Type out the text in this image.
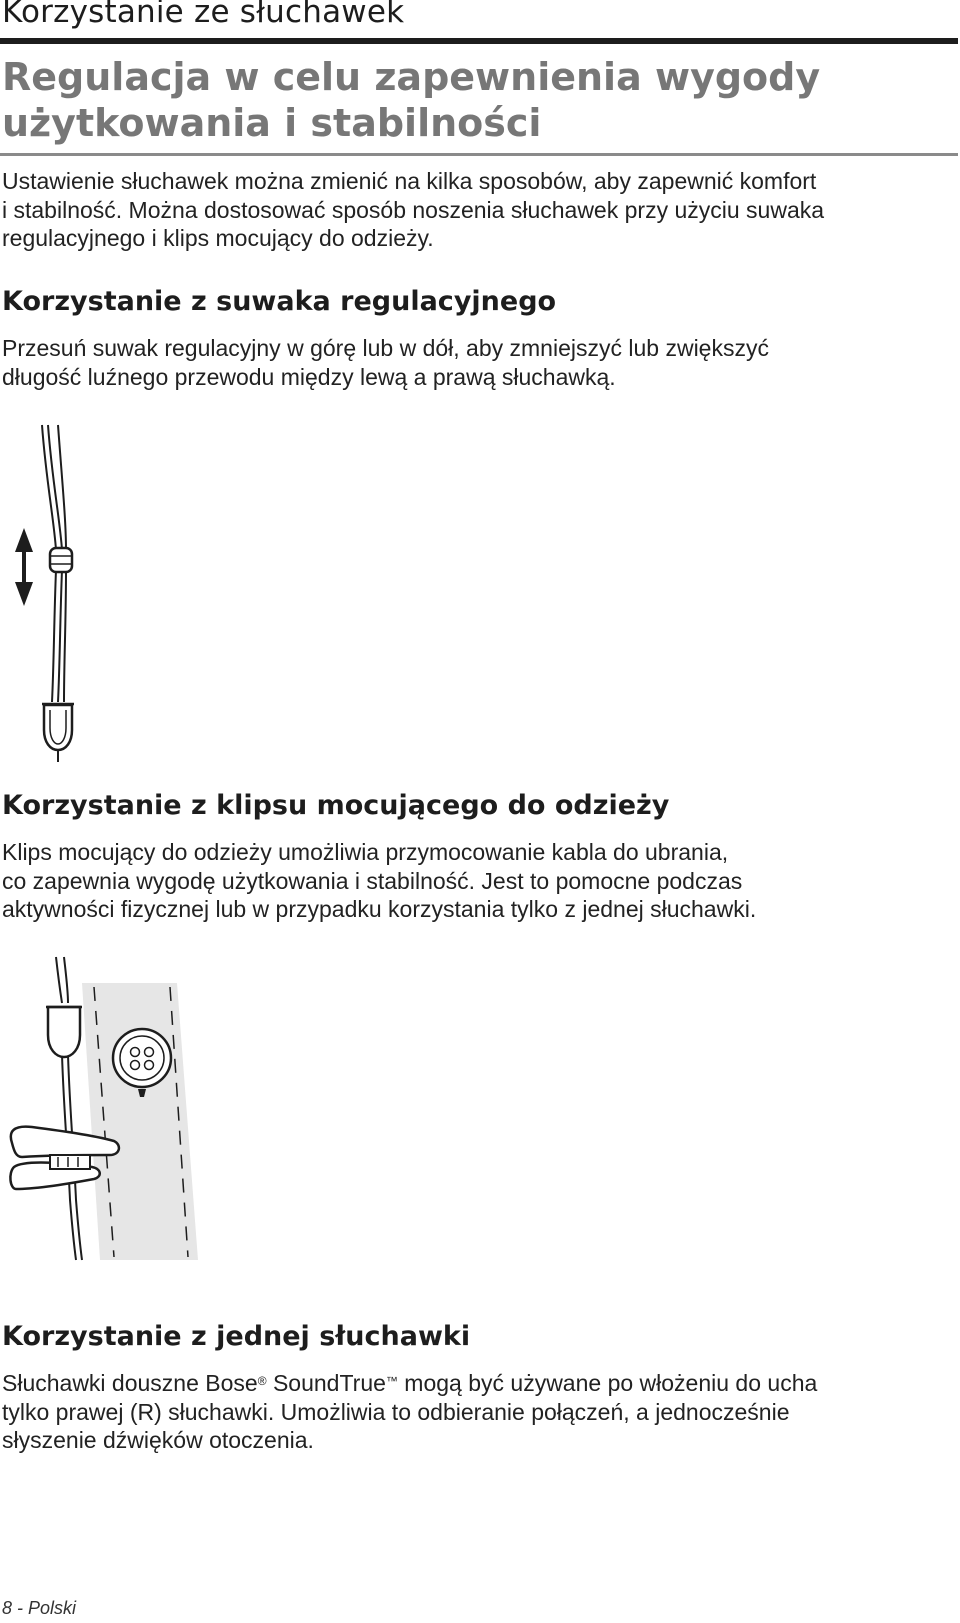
Korzystanie ze słuchawek
Regulacja w celu zapewnienia wygody użytkowania i stabilności

Ustawienie słuchawek można zmienić na kilka sposobów, aby zapewnić komfort
i stabilność. Można dostosować sposób noszenia słuchawek przy użyciu suwaka
regulacyjnego i klips mocujący do odzieży.

Korzystanie z suwaka regulacyjnego

Przesuń suwak regulacyjny w górę lub w dół, aby zmniejszyć lub zwiększyć
długość luźnego przewodu między lewą a prawą słuchawką.

Korzystanie z klipsu mocującego do odzieży

Klips mocujący do odzieży umożliwia przymocowanie kabla do ubrania,
co zapewnia wygodę użytkowania i stabilność. Jest to pomocne podczas
aktywności fizycznej lub w przypadku korzystania tylko z jednej słuchawki.

Korzystanie z jednej słuchawki

Słuchawki douszne Bose® SoundTrue™ mogą być używane po włożeniu do ucha
tylko prawej (R) słuchawki. Umożliwia to odbieranie połączeń, a jednocześnie
słyszenie dźwięków otoczenia.

8 - Polski
